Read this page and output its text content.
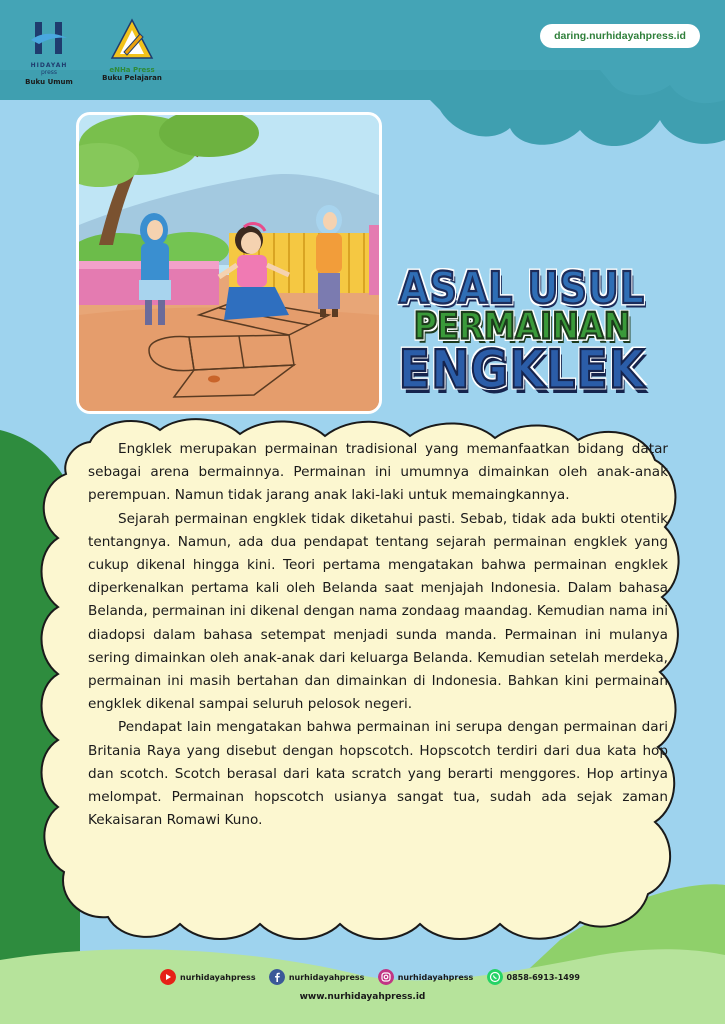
HIDAYAH
press
Buku Umum
eNHa Press
Buku Pelajaran
daring.nurhidayahpress.id
ASAL USUL
PERMAINAN
ENGKLEK

Engklek merupakan permainan tradisional yang memanfaatkan bidang datar sebagai arena bermainnya. Permainan ini umumnya dimainkan oleh anak-anak perempuan. Namun tidak jarang anak laki-laki untuk memaingkannya.

Sejarah permainan engklek tidak diketahui pasti. Sebab, tidak ada bukti otentik tentangnya. Namun, ada dua pendapat tentang sejarah permainan engklek yang cukup dikenal hingga kini. Teori pertama mengatakan bahwa permainan engklek diperkenalkan pertama kali oleh Belanda saat menjajah Indonesia. Dalam bahasa Belanda, permainan ini dikenal dengan nama zondaag maandag. Kemudian nama ini diadopsi dalam bahasa setempat menjadi sunda manda. Permainan ini mulanya sering dimainkan oleh anak-anak dari keluarga Belanda. Kemudian setelah merdeka, permainan ini masih bertahan dan dimainkan di Indonesia. Bahkan kini permainan engklek dikenal sampai seluruh pelosok negeri.

Pendapat lain mengatakan bahwa permainan ini serupa dengan permainan dari Britania Raya yang disebut dengan hopscotch. Hopscotch terdiri dari dua kata hop dan scotch. Scotch berasal dari kata scratch yang berarti menggores. Hop artinya melompat. Permainan hopscotch usianya sangat tua, sudah ada sejak zaman Kekaisaran Romawi Kuno.

nurhidayahpress	nurhidayahpress	nurhidayahpress	0858-6913-1499
www.nurhidayahpress.id
